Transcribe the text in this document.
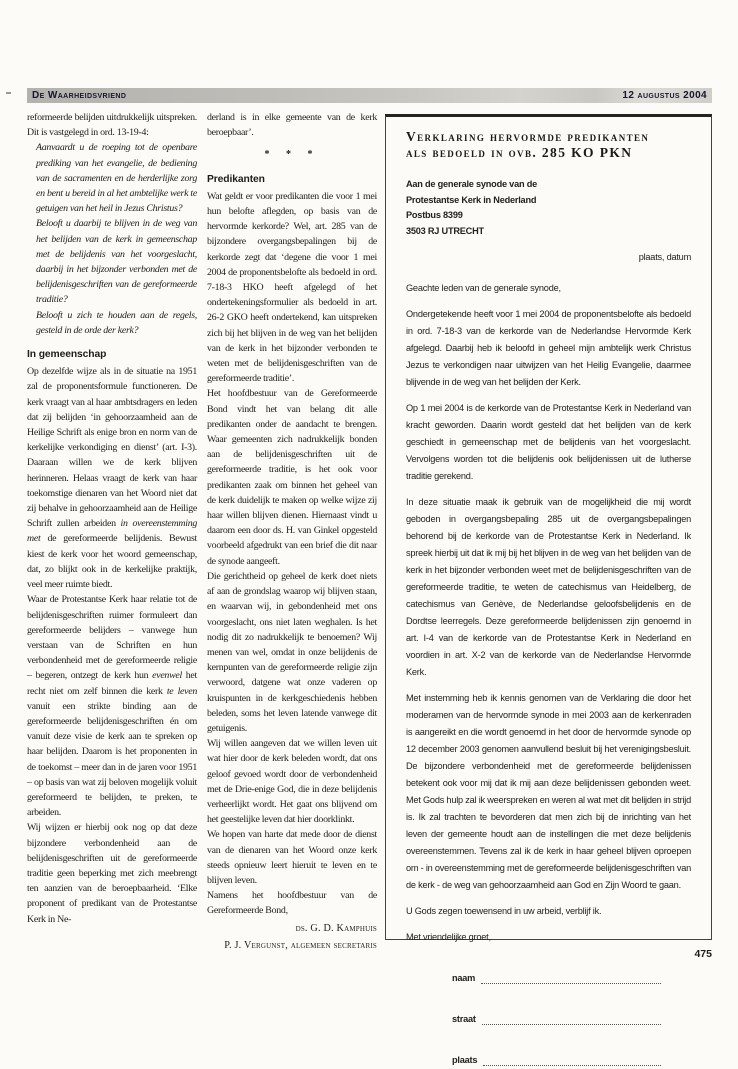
De Waarheidsvriend	12 augustus 2004

reformeerde belijden uitdrukkelijk uitspreken. Dit is vastgelegd in ord. 13-19-4:

Aanvaardt u de roeping tot de openbare prediking van het evangelie, de bediening van de sacramenten en de herderlijke zorg en bent u bereid in al het ambtelijke werk te getuigen van het heil in Jezus Christus?

Belooft u daarbij te blijven in de weg van het belijden van de kerk in gemeenschap met de belijdenis van het voorgeslacht, daarbij in het bijzonder verbonden met de belijdenisgeschriften van de gereformeerde traditie?

Belooft u zich te houden aan de regels, gesteld in de orde der kerk?

In gemeenschap

Op dezelfde wijze als in de situatie na 1951 zal de proponentsformule functioneren. De kerk vraagt van al haar ambtsdragers en leden dat zij belijden ‘in gehoorzaamheid aan de Heilige Schrift als enige bron en norm van de kerkelijke verkondiging en dienst’ (art. I-3). Daaraan willen we de kerk blijven herinneren. Helaas vraagt de kerk van haar toekomstige dienaren van het Woord niet dat zij behalve in gehoorzaamheid aan de Heilige Schrift zullen arbeiden in overeenstemming met de gereformeerde belijdenis. Bewust kiest de kerk voor het woord gemeenschap, dat, zo blijkt ook in de kerkelijke praktijk, veel meer ruimte biedt.

Waar de Protestantse Kerk haar relatie tot de belijdenisgeschriften ruimer formuleert dan gereformeerde belijders – vanwege hun verstaan van de Schriften en hun verbondenheid met de gereformeerde religie – begeren, ontzegt de kerk hun evenwel het recht niet om zelf binnen die kerk te leven vanuit een strikte binding aan de gereformeerde belijdenisgeschriften én om vanuit deze visie de kerk aan te spreken op haar belijden. Daarom is het proponenten in de toekomst – meer dan in de jaren voor 1951 – op basis van wat zij beloven mogelijk voluit gereformeerd te belijden, te preken, te arbeiden.

Wij wijzen er hierbij ook nog op dat deze bijzondere verbondenheid aan de belijdenisgeschriften uit de gereformeerde traditie geen beperking met zich meebrengt ten aanzien van de beroepbaarheid. ‘Elke proponent of predikant van de Protestantse Kerk in Ne-

derland is in elke gemeente van de kerk beroepbaar’.

* * *

Predikanten

Wat geldt er voor predikanten die voor 1 mei hun belofte aflegden, op basis van de hervormde kerkorde? Wel, art. 285 van de bijzondere overgangsbepalingen bij de kerkorde zegt dat ‘degene die voor 1 mei 2004 de proponentsbelofte als bedoeld in ord. 7-18-3 HKO heeft afgelegd of het ondertekeningsformulier als bedoeld in art. 26-2 GKO heeft ondertekend, kan uitspreken zich bij het blijven in de weg van het belijden van de kerk in het bijzonder verbonden te weten met de belijdenisgeschriften van de gereformeerde traditie’.

Het hoofdbestuur van de Gereformeerde Bond vindt het van belang dit alle predikanten onder de aandacht te brengen. Waar gemeenten zich nadrukkelijk bonden aan de belijdenisgeschriften uit de gereformeerde traditie, is het ook voor predikanten zaak om binnen het geheel van de kerk duidelijk te maken op welke wijze zij haar willen blijven dienen. Hiernaast vindt u daarom een door ds. H. van Ginkel opgesteld voorbeeld afgedrukt van een brief die dit naar de synode aangeeft.

Die gerichtheid op geheel de kerk doet niets af aan de grondslag waarop wij blijven staan, en waarvan wij, in gebondenheid met ons voorgeslacht, ons niet laten weghalen. Is het nodig dit zo nadrukkelijk te benoemen? Wij menen van wel, omdat in onze belijdenis de kernpunten van de gereformeerde religie zijn verwoord, datgene wat onze vaderen op kruispunten in de kerkgeschiedenis hebben beleden, soms het leven latende vanwege dit getuigenis.

Wij willen aangeven dat we willen leven uit wat hier door de kerk beleden wordt, dat ons geloof gevoed wordt door de verbondenheid met de Drie-enige God, die in deze belijdenis verheerlijkt wordt. Het gaat ons blijvend om het geestelijke leven dat hier doorklinkt.

We hopen van harte dat mede door de dienst van de dienaren van het Woord onze kerk steeds opnieuw leert hieruit te leven en te blijven leven.

Namens het hoofdbestuur van de Gereformeerde Bond,

ds. G. D. Kamphuis
P. J. Vergunst, algemeen secretaris
Verklaring hervormde predikanten
als bedoeld in ovb. 285 KO PKN
Aan de generale synode van de
Protestantse Kerk in Nederland
Postbus 8399
3503 RJ UTRECHT
plaats, datum

Geachte leden van de generale synode,

Ondergetekende heeft voor 1 mei 2004 de proponentsbelofte als bedoeld in ord. 7-18-3 van de kerkorde van de Nederlandse Hervormde Kerk afgelegd. Daarbij heb ik beloofd in geheel mijn ambtelijk werk Christus Jezus te verkondigen naar uitwijzen van het Heilig Evangelie, daarmee blijvende in de weg van het belijden der Kerk.

Op 1 mei 2004 is de kerkorde van de Protestantse Kerk in Nederland van kracht geworden. Daarin wordt gesteld dat het belijden van de kerk geschiedt in gemeenschap met de belijdenis van het voorgeslacht. Vervolgens worden tot die belijdenis ook belijdenissen uit de lutherse traditie gerekend.

In deze situatie maak ik gebruik van de mogelijkheid die mij wordt geboden in overgangsbepaling 285 uit de overgangsbepalingen behorend bij de kerkorde van de Protestantse Kerk in Nederland. Ik spreek hierbij uit dat ik mij bij het blijven in de weg van het belijden van de kerk in het bijzonder verbonden weet met de belijdenisgeschriften van de gereformeerde traditie, te weten de catechismus van Heidelberg, de catechismus van Genève, de Nederlandse geloofsbelijdenis en de Dordtse leerregels. Deze gereformeerde belijdenissen zijn genoemd in art. I-4 van de kerkorde van de Protestantse Kerk in Nederland en voordien in art. X-2 van de kerkorde van de Nederlandse Hervormde Kerk.

Met instemming heb ik kennis genomen van de Verklaring die door het moderamen van de hervormde synode in mei 2003 aan de kerkenraden is aangereikt en die wordt genoemd in het door de hervormde synode op 12 december 2003 genomen aanvullend besluit bij het verenigingsbesluit. De bijzondere verbondenheid met de gereformeerde belijdenissen betekent ook voor mij dat ik mij aan deze belijdenissen gebonden weet. Met Gods hulp zal ik weerspreken en weren al wat met dit belijden in strijd is. Ik zal trachten te bevorderen dat men zich bij de inrichting van het leven der gemeente houdt aan de instellingen die met deze belijdenis overeenstemmen. Tevens zal ik de kerk in haar geheel blijven oproepen om - in overeenstemming met de gereformeerde belijdenisgeschriften van de kerk - de weg van gehoorzaamheid aan God en Zijn Woord te gaan.

U Gods zegen toewensend in uw arbeid, verblijf ik.

Met vriendelijke groet,

naam
straat
plaats
475
